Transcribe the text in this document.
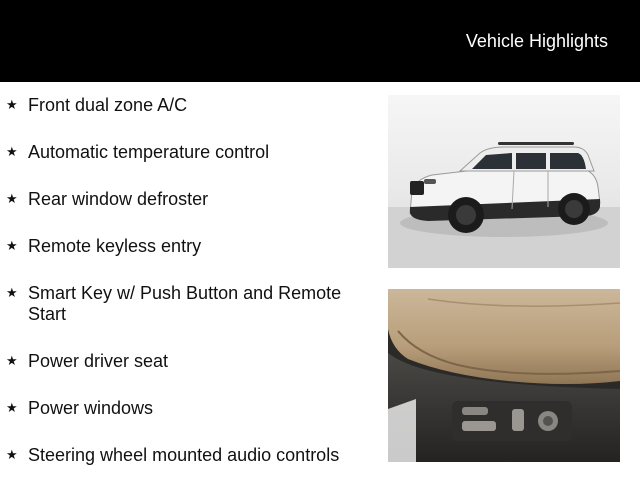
Vehicle Highlights
★ Front dual zone A/C
★ Automatic temperature control
★ Rear window defroster
★ Remote keyless entry
★ Smart Key w/ Push Button and Remote Start
★ Power driver seat
★ Power windows
★ Steering wheel mounted audio controls
